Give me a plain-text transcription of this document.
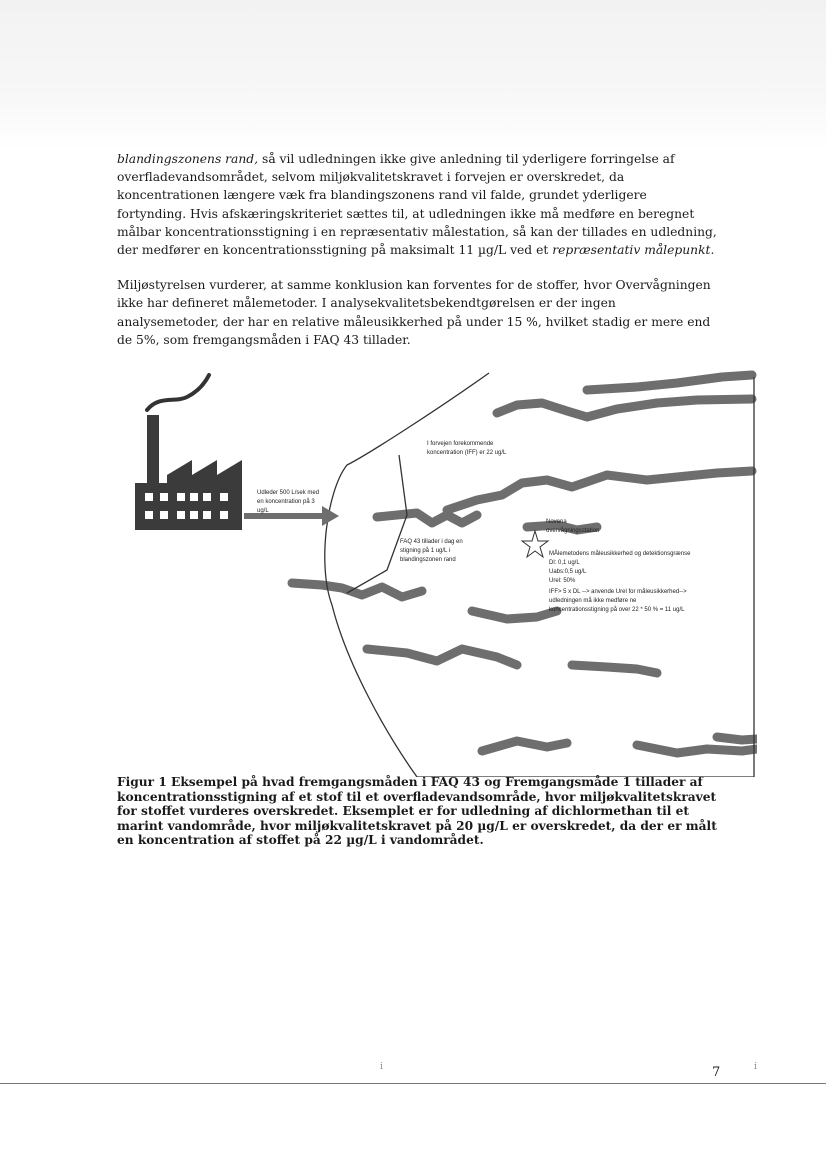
blandingszonens rand, så vil udledningen ikke give anledning til yderligere forringelse af overfladevandsområdet, selvom miljøkvalitetskravet i forvejen er overskredet, da koncentrationen længere væk fra blandingszonens rand vil falde, grundet yderligere fortynding. Hvis afskæringskriteriet sættes til, at udledningen ikke må medføre en beregnet målbar koncentrationsstigning i en repræsentativ målestation, så kan der tillades en udledning, der medfører en koncentrationsstigning på maksimalt 11 µg/L ved et repræsentativ målepunkt.

Miljøstyrelsen vurderer, at samme konklusion kan forventes for de stoffer, hvor Overvågningen ikke har defineret målemetoder. I analysekvalitetsbekendtgørelsen er der ingen analysemetoder, der har en relative måleusikkerhed på under 15 %, hvilket stadig er mere end de 5%, som fremgangsmåden i FAQ 43 tillader.

Udleder 500 L/sek med en koncentration på 3 ug/L
I forvejen forekommende koncentration (IFF) er 22 ug/L
FAQ 43 tillader i dag en stigning på 1 ug/L i blandingszonen rand
Novana overvågningsstation
MÅlemetodens måleusikkerhed og detektionsgrænse Dl: 0,1 ug/L Uabs:0,5 ug/L Urel: 50%
IFF> 5 x DL --> anvende Urel for måleusikkerhed--> udledningen må ikke medføre ne koncentrationsstigning på over 22 * 50 % = 11 ug/L

Figur 1 Eksempel på hvad fremgangsmåden i FAQ 43 og Fremgangsmåde 1 tillader af koncentrationsstigning af et stof til et overfladevandsområde, hvor miljøkvalitetskravet for stoffet vurderes overskredet. Eksemplet er for udledning af dichlormethan til et marint vandområde, hvor miljøkvalitetskravet på 20 µg/L er overskredet, da der er målt en koncentration af stoffet på 22 µg/L i vandområdet.

i	i
7
